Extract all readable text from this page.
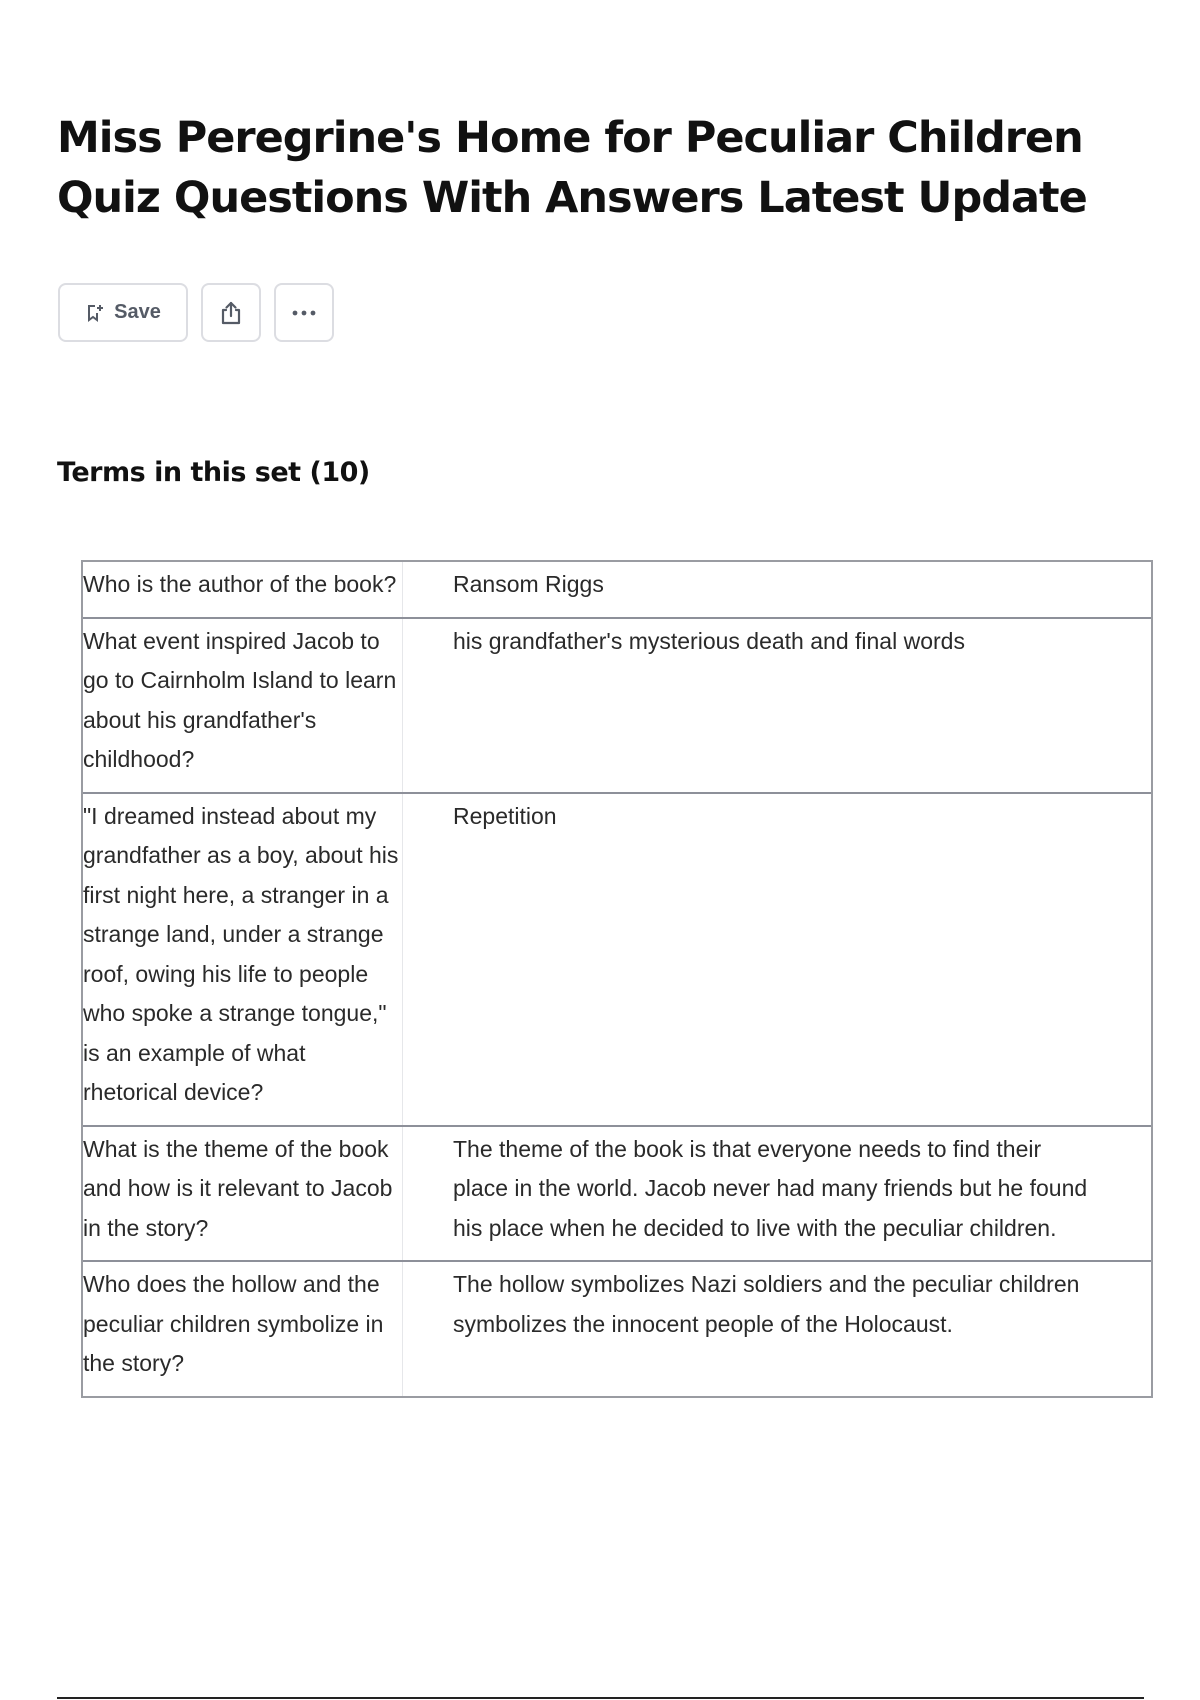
Miss Peregrine's Home for Peculiar Children Quiz Questions With Answers Latest Update
Save
Terms in this set (10)
Who is the author of the book?	Ransom Riggs
What event inspired Jacob to go to Cairnholm Island to learn about his grandfather's childhood?
his grandfather's mysterious death and final words
"I dreamed instead about my grandfather as a boy, about his first night here, a stranger in a strange land, under a strange roof, owing his life to people who spoke a strange tongue," is an example of what rhetorical device?
Repetition
What is the theme of the book and how is it relevant to Jacob in the story?
The theme of the book is that everyone needs to find their place in the world. Jacob never had many friends but he found his place when he decided to live with the peculiar children.
Who does the hollow and the peculiar children symbolize in the story?
The hollow symbolizes Nazi soldiers and the peculiar children symbolizes the innocent people of the Holocaust.
